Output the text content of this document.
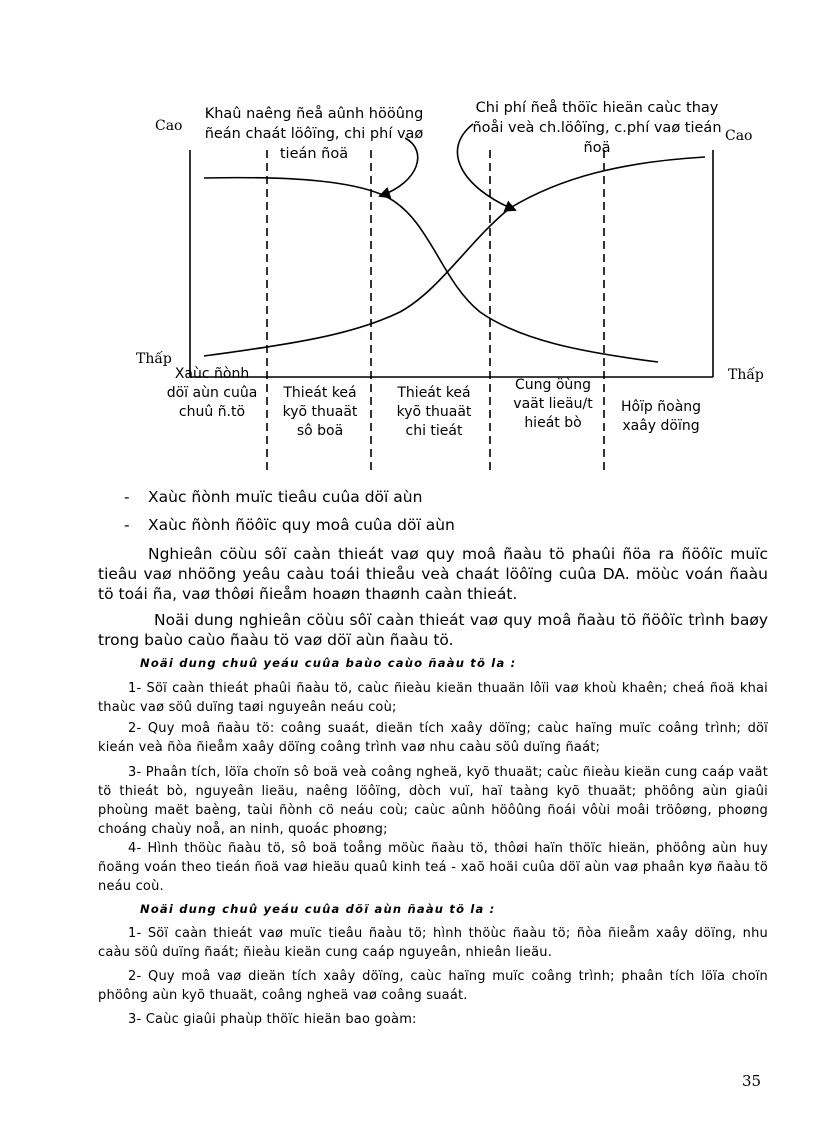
Cao
Thấp
Cao
Thấp
Khaû naêng ñeå aûnh hööûng ñeán chaát löôïng, chi phí vaø tieán ñoä
Chi phí ñeå thöïc hieän caùc thay ñoåi veà ch.löôïng, c.phí vaø tieán ñoä
Xaùc ñònh döï aùn cuûa chuû ñ.tö
Thieát keá kyõ thuaät sô boä
Thieát keá kyõ thuaät chi tieát
Cung öùng vaät lieäu/thieát bò
Hôïp ñoàng xaây döïng
- Xaùc ñònh muïc tieâu cuûa döï aùn
- Xaùc ñònh ñöôïc quy moâ cuûa döï aùn
Nghieân cöùu sôï caàn thieát vaø quy moâ ñaàu tö phaûi ñöa ra ñöôïc muïc tieâu vaø nhöõng yeâu caàu toái thieåu veà chaát löôïng cuûa DA. möùc voán ñaàu tö toái ña, vaø thôøi ñieåm hoaøn thaønh caàn thieát.
Noäi dung nghieân cöùu sôï caàn thieát vaø quy moâ ñaàu tö ñöôïc trình baøy trong baùo caùo ñaàu tö vaø döï aùn ñaàu tö.
Noäi dung chuû yeáu cuûa baùo caùo ñaàu tö la :
1- Söï caàn thieát phaûi ñaàu tö, caùc ñieàu kieän thuaän lôïi vaø khoù khaên; cheá ñoä khai thaùc vaø söû duïng taøi nguyeân neáu coù;
2- Quy moâ ñaàu tö: coâng suaát, dieän tích xaây döïng; caùc haïng muïc coâng trình; döï kieán veà ñòa ñieåm xaây döïng coâng trình vaø nhu caàu söû duïng ñaát;
3- Phaân tích, löïa choïn sô boä veà coâng ngheä, kyõ thuaät; caùc ñieàu kieän cung caáp vaät tö thieát bò, nguyeân lieäu, naêng löôïng, dòch vuï, haï taàng kyõ thuaät; phöông aùn giaûi phoùng maët baèng, taùi ñònh cö neáu coù; caùc aûnh höôûng ñoái vôùi moâi tröôøng, phoøng choáng chaùy noå, an ninh, quoác phoøng;
4- Hình thöùc ñaàu tö, sô boä toång möùc ñaàu tö, thôøi haïn thöïc hieän, phöông aùn huy ñoäng voán theo tieán ñoä vaø hieäu quaû kinh teá - xaõ hoäi cuûa döï aùn vaø phaân kyø ñaàu tö neáu coù.
Noäi dung chuû yeáu cuûa döï aùn ñaàu tö la :
1- Söï caàn thieát vaø muïc tieâu ñaàu tö; hình thöùc ñaàu tö; ñòa ñieåm xaây döïng, nhu caàu söû duïng ñaát; ñieàu kieän cung caáp nguyeân, nhieân lieäu.
2- Quy moâ vaø dieän tích xaây döïng, caùc haïng muïc coâng trình; phaân tích löïa choïn phöông aùn kyõ thuaät, coâng ngheä vaø coâng suaát.
3- Caùc giaûi phaùp thöïc hieän bao goàm:
35
